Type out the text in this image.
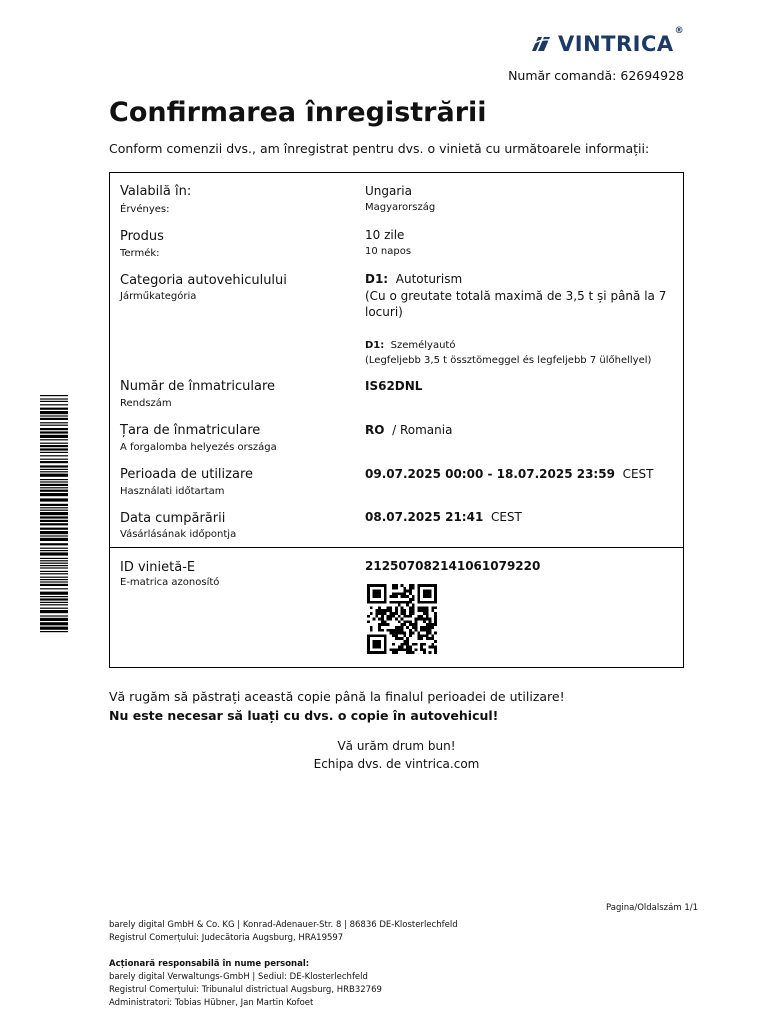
VINTRICA®
Număr comandă: 62694928
Confirmarea înregistrării
Conform comenzii dvs., am înregistrat pentru dvs. o vinietă cu următoarele informații:
Valabilă în:
Érvényes:
Ungaria
Magyarország
Produs
Termék:
10 zile
10 napos
Categoria autovehiculului
Járműkategória
D1: Autoturism
(Cu o greutate totală maximă de 3,5 t și până la 7
locuri)
D1: Személyautó
(Legfeljebb 3,5 t össztömeggel és legfeljebb 7 ülőhellyel)
Număr de înmatriculare
Rendszám
IS62DNL
Țara de înmatriculare
A forgalomba helyezés országa
RO / Romania
Perioada de utilizare
Használati időtartam
09.07.2025 00:00 - 18.07.2025 23:59 CEST
Data cumpărării
Vásárlásának időpontja
08.07.2025 21:41 CEST
ID vinietă-E
E-matrica azonosító
212507082141061079220
Vă rugăm să păstrați această copie până la finalul perioadei de utilizare!
Nu este necesar să luați cu dvs. o copie în autovehicul!
Vă urăm drum bun!
Echipa dvs. de vintrica.com
Pagina/Oldalszám 1/1
barely digital GmbH & Co. KG | Konrad-Adenauer-Str. 8 | 86836 DE-Klosterlechfeld
Registrul Comerțului: Judecătoria Augsburg, HRA19597
Acționară responsabilă în nume personal:
barely digital Verwaltungs-GmbH | Sediul: DE-Klosterlechfeld
Registrul Comerțului: Tribunalul districtual Augsburg, HRB32769
Administratori: Tobias Hübner, Jan Martin Kofoet
